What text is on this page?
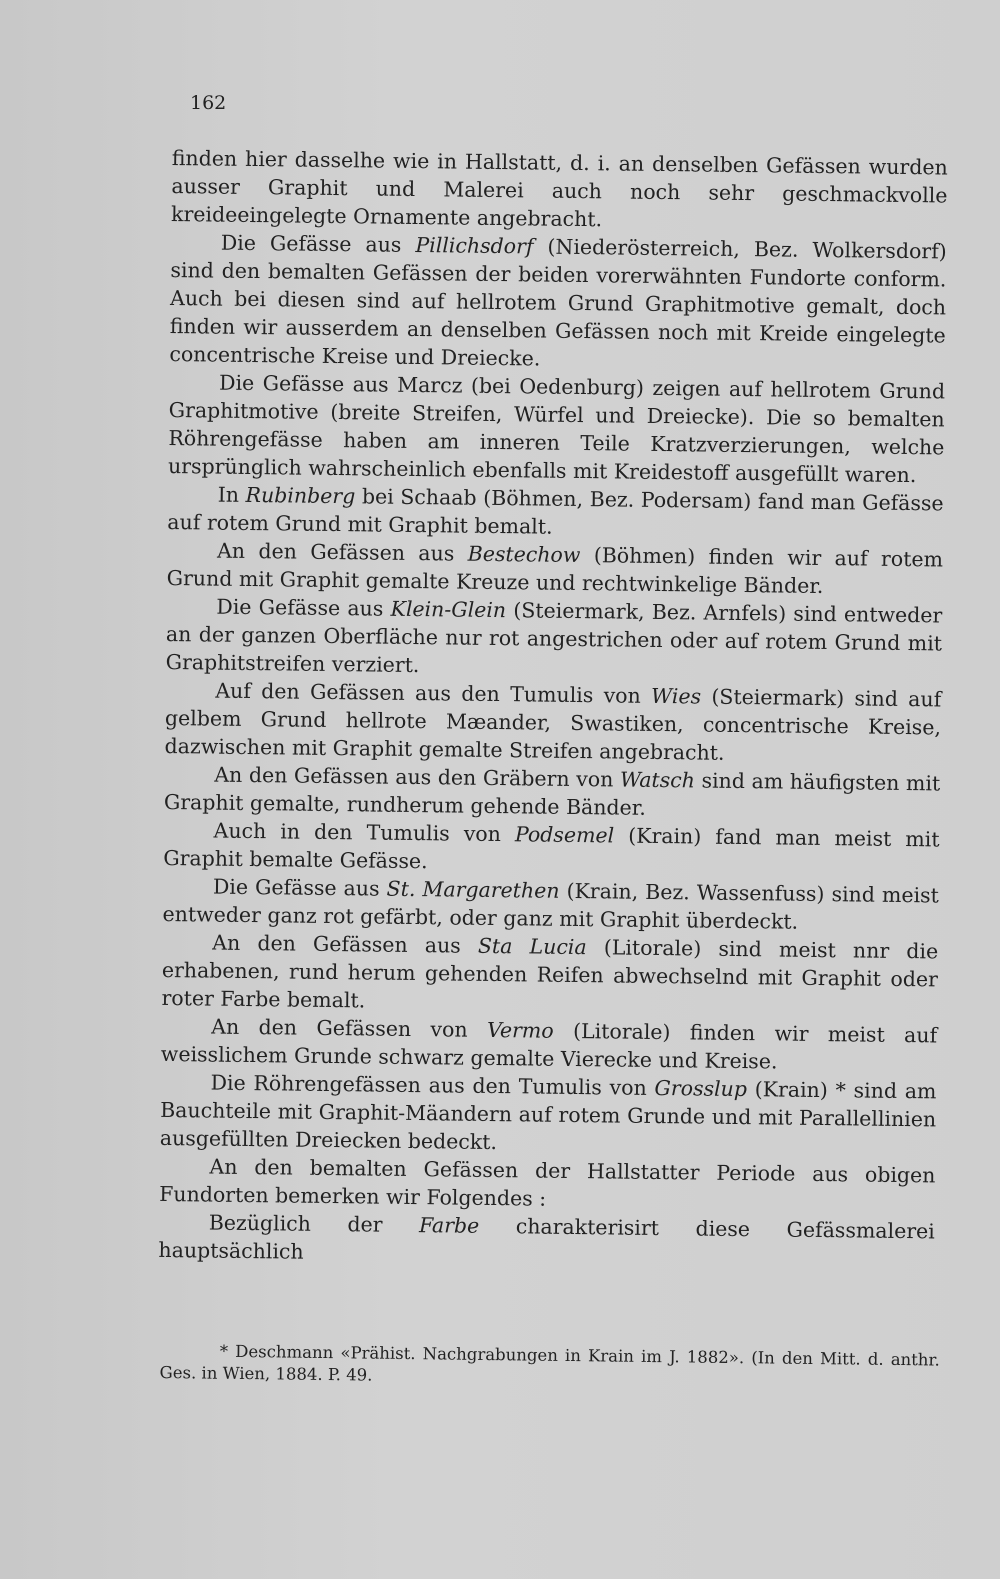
162

finden hier dasselhe wie in Hallstatt, d. i. an denselben Gefässen wurden ausser Graphit und Malerei auch noch sehr geschmackvolle kreideeingelegte Ornamente angebracht.

Die Gefässe aus Pillichsdorf (Niederösterreich, Bez. Wolkersdorf) sind den bemalten Gefässen der beiden vorerwähnten Fundorte conform. Auch bei diesen sind auf hellrotem Grund Graphitmotive gemalt, doch finden wir ausserdem an denselben Gefässen noch mit Kreide eingelegte concentrische Kreise und Dreiecke.

Die Gefässe aus Marcz (bei Oedenburg) zeigen auf hellrotem Grund Graphitmotive (breite Streifen, Würfel und Dreiecke). Die so bemalten Röhrengefässe haben am inneren Teile Kratzverzierungen, welche ursprünglich wahrscheinlich ebenfalls mit Kreidestoff ausgefüllt waren.

In Rubinberg bei Schaab (Böhmen, Bez. Podersam) fand man Gefässe auf rotem Grund mit Graphit bemalt.

An den Gefässen aus Bestechow (Böhmen) finden wir auf rotem Grund mit Graphit gemalte Kreuze und rechtwinkelige Bänder.

Die Gefässe aus Klein-Glein (Steiermark, Bez. Arnfels) sind entweder an der ganzen Oberfläche nur rot angestrichen oder auf rotem Grund mit Graphitstreifen verziert.

Auf den Gefässen aus den Tumulis von Wies (Steiermark) sind auf gelbem Grund hellrote Mæander, Swastiken, concentrische Kreise, dazwischen mit Graphit gemalte Streifen angebracht.

An den Gefässen aus den Gräbern von Watsch sind am häufigsten mit Graphit gemalte, rundherum gehende Bänder.

Auch in den Tumulis von Podsemel (Krain) fand man meist mit Graphit bemalte Gefässe.

Die Gefässe aus St. Margarethen (Krain, Bez. Wassenfuss) sind meist entweder ganz rot gefärbt, oder ganz mit Graphit überdeckt.

An den Gefässen aus Sta Lucia (Litorale) sind meist nnr die erhabenen, rund herum gehenden Reifen abwechselnd mit Graphit oder roter Farbe bemalt.

An den Gefässen von Vermo (Litorale) finden wir meist auf weisslichem Grunde schwarz gemalte Vierecke und Kreise.

Die Röhrengefässen aus den Tumulis von Grosslup (Krain) * sind am Bauchteile mit Graphit-Mäandern auf rotem Grunde und mit Parallellinien ausgefüllten Dreiecken bedeckt.

An den bemalten Gefässen der Hallstatter Periode aus obigen Fundorten bemerken wir Folgendes :

Bezüglich der Farbe charakterisirt diese Gefässmalerei hauptsächlich

* Deschmann «Prähist. Nachgrabungen in Krain im J. 1882». (In den Mitt. d. anthr. Ges. in Wien, 1884. P. 49.
